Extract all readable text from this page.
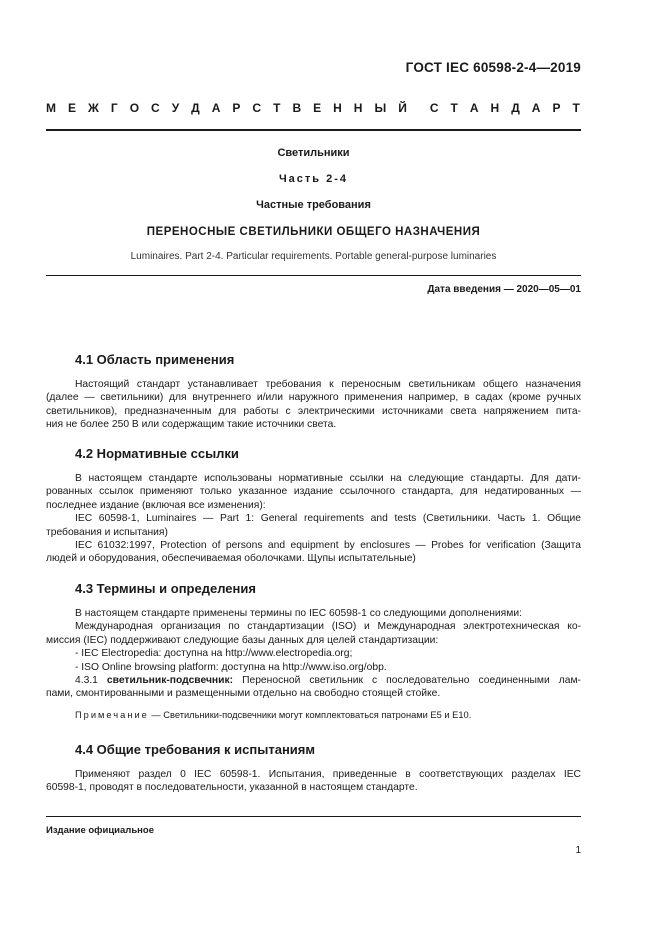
ГОСТ IEC 60598-2-4—2019
М Е Ж Г О С У Д А Р С Т В Е Н Н Ы Й С Т А Н Д А Р Т
Светильники
Часть 2-4
Частные требования
ПЕРЕНОСНЫЕ СВЕТИЛЬНИКИ ОБЩЕГО НАЗНАЧЕНИЯ
Luminaires. Part 2-4. Particular requirements. Portable general-purpose luminaries
Дата введения — 2020—05—01
4.1 Область применения
Настоящий стандарт устанавливает требования к переносным светильникам общего назначения
(далее — светильники) для внутреннего и/или наружного применения например, в садах (кроме ручных
светильников), предназначенным для работы с электрическими источниками света напряжением пита-
ния не более 250 В или содержащим такие источники света.
4.2 Нормативные ссылки
В настоящем стандарте использованы нормативные ссылки на следующие стандарты. Для дати-
рованных ссылок применяют только указанное издание ссылочного стандарта, для недатированных —
последнее издание (включая все изменения):
IEC 60598-1, Luminaires — Part 1: General requirements and tests (Светильники. Часть 1. Общие
требования и испытания)
IEC 61032:1997, Protection of persons and equipment by enclosures — Probes for verification (Защита
людей и оборудования, обеспечиваемая оболочками. Щупы испытательные)
4.3 Термины и определения
В настоящем стандарте применены термины по IEC 60598-1 со следующими дополнениями:
Международная организация по стандартизации (ISO) и Международная электротехническая ко-
миссия (IEC) поддерживают следующие базы данных для целей стандартизации:
- IEC Electropedia: доступна на http://www.electropedia.org;
- ISO Online browsing platform: доступна на http://www.iso.org/obp.
4.3.1 светильник-подсвечник: Переносной светильник с последовательно соединенными лам-
пами, смонтированными и размещенными отдельно на свободно стоящей стойке.
Примечание — Светильники-подсвечники могут комплектоваться патронами Е5 и Е10.
4.4 Общие требования к испытаниям
Применяют раздел 0 IEC 60598-1. Испытания, приведенные в соответствующих разделах IEC
60598-1, проводят в последовательности, указанной в настоящем стандарте.
Издание официальное
1
